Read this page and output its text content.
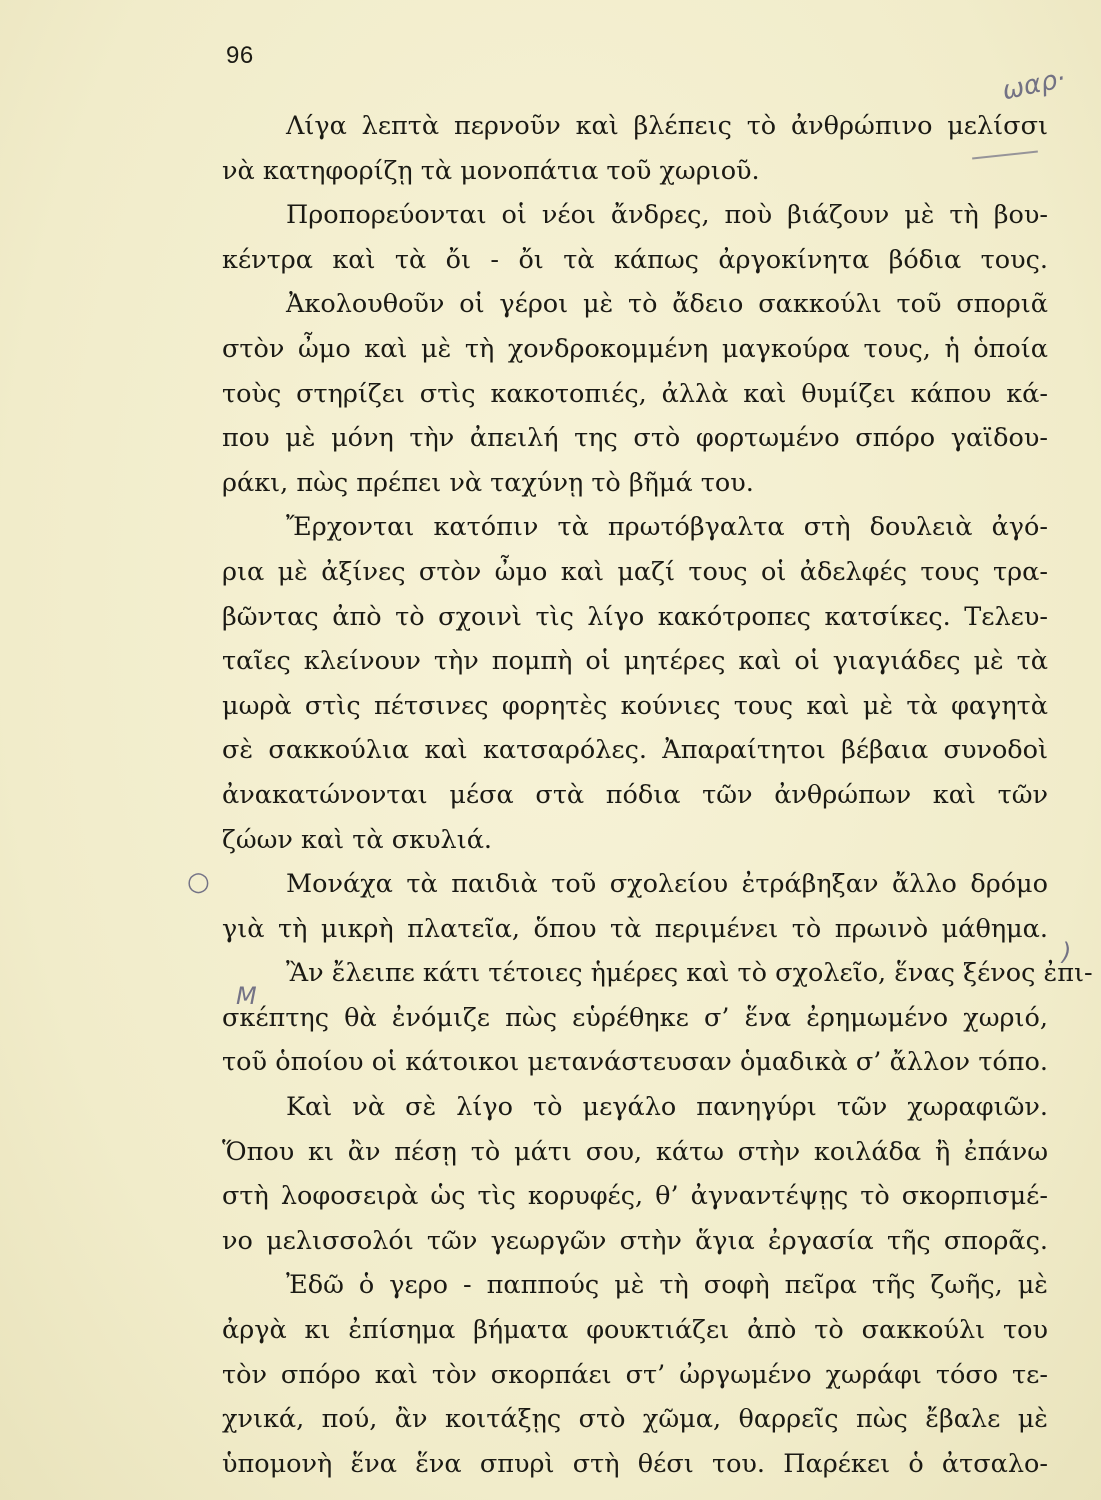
96
ωαρ·
○
)
M
Λίγα λεπτὰ περνοῦν καὶ βλέπεις τὸ ἀνθρώπινο μελίσσι
νὰ κατηφορίζῃ τὰ μονοπάτια τοῦ χωριοῦ.
Προπορεύονται οἱ νέοι ἄνδρες, ποὺ βιάζουν μὲ τὴ βου-
κέντρα καὶ τὰ ὄι - ὄι τὰ κάπως ἀργοκίνητα βόδια τους.
Ἀκολουθοῦν οἱ γέροι μὲ τὸ ἄδειο σακκούλι τοῦ σποριᾶ
στὸν ὦμο καὶ μὲ τὴ χονδροκομμένη μαγκούρα τους, ἡ ὁποία
τοὺς στηρίζει στὶς κακοτοπιές, ἀλλὰ καὶ θυμίζει κάπου κά-
που μὲ μόνη τὴν ἀπειλή της στὸ φορτωμένο σπόρο γαϊδου-
ράκι, πὼς πρέπει νὰ ταχύνῃ τὸ βῆμά του.
Ἔρχονται κατόπιν τὰ πρωτόβγαλτα στὴ δουλειὰ ἀγό-
ρια μὲ ἀξίνες στὸν ὦμο καὶ μαζί τους οἱ ἀδελφές τους τρα-
βῶντας ἀπὸ τὸ σχοινὶ τὶς λίγο κακότροπες κατσίκες. Τελευ-
ταῖες κλείνουν τὴν πομπὴ οἱ μητέρες καὶ οἱ γιαγιάδες μὲ τὰ
μωρὰ στὶς πέτσινες φορητὲς κούνιες τους καὶ μὲ τὰ φαγητὰ
σὲ σακκούλια καὶ κατσαρόλες. Ἀπαραίτητοι βέβαια συνοδοὶ
ἀνακατώνονται μέσα στὰ πόδια τῶν ἀνθρώπων καὶ τῶν
ζώων καὶ τὰ σκυλιά.
Μονάχα τὰ παιδιὰ τοῦ σχολείου ἐτράβηξαν ἄλλο δρόμο
γιὰ τὴ μικρὴ πλατεῖα, ὅπου τὰ περιμένει τὸ πρωινὸ μάθημα.
Ἂν ἔλειπε κάτι τέτοιες ἡμέρες καὶ τὸ σχολεῖο, ἕνας ξένος ἐπι-
σκέπτης θὰ ἐνόμιζε πὼς εὑρέθηκε σ’ ἕνα ἐρημωμένο χωριό,
τοῦ ὁποίου οἱ κάτοικοι μετανάστευσαν ὁμαδικὰ σ’ ἄλλον τόπο.
Καὶ νὰ σὲ λίγο τὸ μεγάλο πανηγύρι τῶν χωραφιῶν.
Ὅπου κι ἂν πέσῃ τὸ μάτι σου, κάτω στὴν κοιλάδα ἢ ἐπάνω
στὴ λοφοσειρὰ ὡς τὶς κορυφές, θ’ ἀγναντέψῃς τὸ σκορπισμέ-
νο μελισσολόι τῶν γεωργῶν στὴν ἅγια ἐργασία τῆς σπορᾶς.
Ἐδῶ ὁ γερο - παππούς μὲ τὴ σοφὴ πεῖρα τῆς ζωῆς, μὲ
ἀργὰ κι ἐπίσημα βήματα φουκτιάζει ἀπὸ τὸ σακκούλι του
τὸν σπόρο καὶ τὸν σκορπάει στ’ ὠργωμένο χωράφι τόσο τε-
χνικά, πού, ἂν κοιτάξῃς στὸ χῶμα, θαρρεῖς πὼς ἔβαλε μὲ
ὑπομονὴ ἕνα ἕνα σπυρὶ στὴ θέσι του. Παρέκει ὁ ἀτσαλο-
